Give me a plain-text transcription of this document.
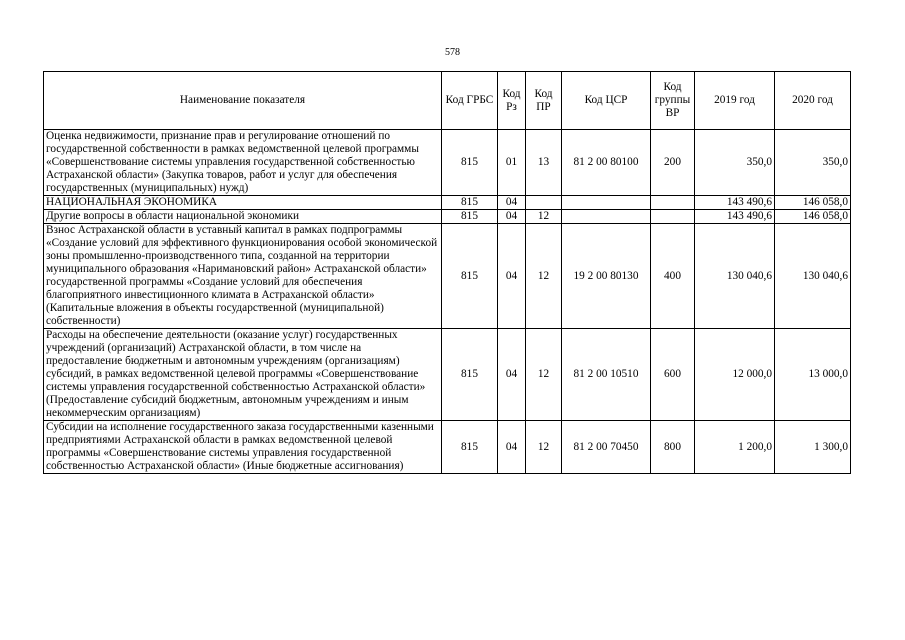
578
Наименование показателя	Код ГРБС	Код Рз	Код ПР	Код ЦСР	Код группы ВР	2019 год	2020 год
Оценка недвижимости, признание прав и регулирование отношений по государственной собственности в рамках ведомственной целевой программы «Совершенствование системы управления государственной собственностью Астраханской области» (Закупка товаров, работ и услуг для обеспечения государственных (муниципальных) нужд)	815	01	13	81 2 00 80100	200	350,0	350,0
НАЦИОНАЛЬНАЯ ЭКОНОМИКА	815	04				143 490,6	146 058,0
Другие вопросы в области национальной экономики	815	04	12			143 490,6	146 058,0
Взнос Астраханской области в уставный капитал в рамках подпрограммы «Создание условий для эффективного функционирования особой экономической зоны промышленно-производственного типа, созданной на территории муниципального образования «Наримановский район» Астраханской области» государственной программы «Создание условий для обеспечения благоприятного инвестиционного климата в Астраханской области» (Капитальные вложения в объекты государственной (муниципальной) собственности)	815	04	12	19 2 00 80130	400	130 040,6	130 040,6
Расходы на обеспечение деятельности (оказание услуг) государственных учреждений (организаций) Астраханской области, в том числе на предоставление бюджетным и автономным учреждениям (организациям) субсидий, в рамках ведомственной целевой программы «Совершенствование системы управления государственной собственностью Астраханской области» (Предоставление субсидий бюджетным, автономным учреждениям и иным некоммерческим организациям)	815	04	12	81 2 00 10510	600	12 000,0	13 000,0
Субсидии на исполнение государственного заказа государственными казенными предприятиями Астраханской области в рамках ведомственной целевой программы «Совершенствование системы управления государственной собственностью Астраханской области» (Иные бюджетные ассигнования)	815	04	12	81 2 00 70450	800	1 200,0	1 300,0
